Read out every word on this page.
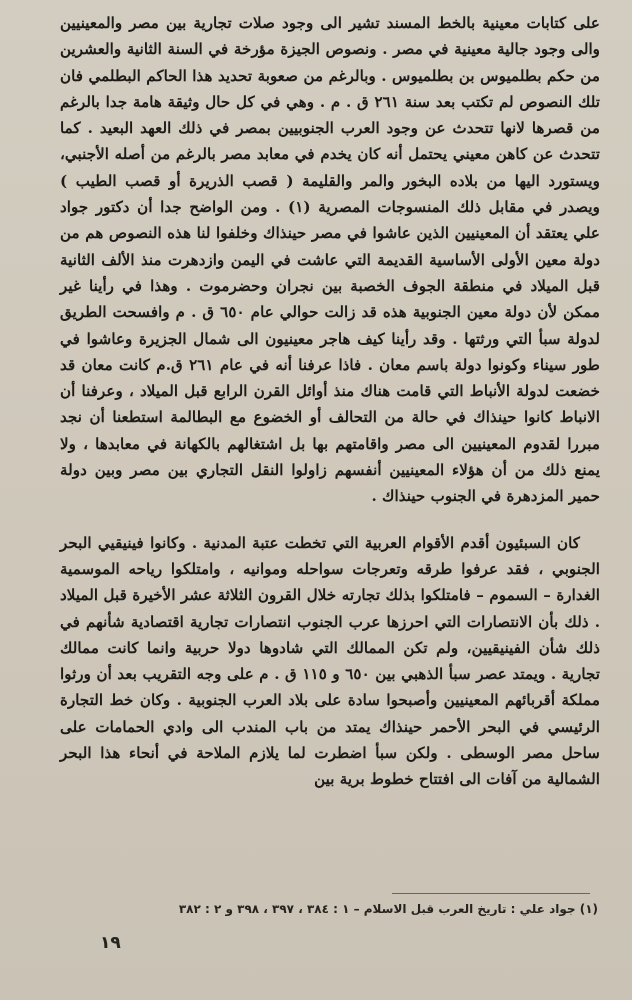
على كتابات معينية بالخط المسند تشير الى وجود صلات تجارية بين مصر والمعينيين والى وجود جالية معينية في مصر . ونصوص الجيزة مؤرخة في السنة الثانية والعشرين من حكم بطلميوس بن بطلميوس . وبالرغم من صعوبة تحديد هذا الحاكم البطلمي فان تلك النصوص لم تكتب بعد سنة ٢٦١ ق . م . وهي في كل حال وثيقة هامة جدا بالرغم من قصرها لانها تتحدث عن وجود العرب الجنوبيين بمصر في ذلك العهد البعيد . كما تتحدث عن كاهن معيني يحتمل أنه كان يخدم في معابد مصر بالرغم من أصله الأجنبي، ويستورد اليها من بلاده البخور والمر والقليمة ( قصب الذريرة أو قصب الطيب ) ويصدر في مقابل ذلك المنسوجات المصرية (١) . ومن الواضح جدا أن دكتور جواد علي يعتقد أن المعينيين الذين عاشوا في مصر حينذاك وخلفوا لنا هذه النصوص هم من دولة معين الأولى الأساسية القديمة التي عاشت في اليمن وازدهرت منذ الألف الثانية قبل الميلاد في منطقة الجوف الخصبة بين نجران وحضرموت . وهذا في رأينا غير ممكن لأن دولة معين الجنوبية هذه قد زالت حوالي عام ٦٥٠ ق . م وافسحت الطريق لدولة سبأ التي ورثتها . وقد رأينا كيف هاجر معينيون الى شمال الجزيرة وعاشوا في طور سيناء وكونوا دولة باسم معان . فاذا عرفنا أنه في عام ٢٦١ ق.م كانت معان قد خضعت لدولة الأنباط التي قامت هناك منذ أوائل القرن الرابع قبل الميلاد ، وعرفنا أن الانباط كانوا حينذاك في حالة من التحالف أو الخضوع مع البطالمة استطعنا أن نجد مبررا لقدوم المعينيين الى مصر واقامتهم بها بل اشتغالهم بالكهانة في معابدها ، ولا يمنع ذلك من أن هؤلاء المعينيين أنفسهم زاولوا النقل التجاري بين مصر وبين دولة حمير المزدهرة في الجنوب حينذاك .

كان السبئيون أقدم الأقوام العربية التي تخطت عتبة المدنية . وكانوا فينيقيي البحر الجنوبي ، فقد عرفوا طرقه وتعرجات سواحله وموانيه ، وامتلكوا رياحه الموسمية الغدارة – السموم – فامتلكوا بذلك تجارته خلال القرون الثلاثة عشر الأخيرة قبل الميلاد . ذلك بأن الانتصارات التي احرزها عرب الجنوب انتصارات تجارية اقتصادية شأنهم في ذلك شأن الفينيقيين، ولم تكن الممالك التي شادوها دولا حربية وانما كانت ممالك تجارية . ويمتد عصر سبأ الذهبي بين ٦٥٠ و ١١٥ ق . م على وجه التقريب بعد أن ورثوا مملكة أقربائهم المعينيين وأصبحوا سادة على بلاد العرب الجنوبية . وكان خط التجارة الرئيسي في البحر الأحمر حينذاك يمتد من باب المندب الى وادي الحمامات على ساحل مصر الوسطى . ولكن سبأ اضطرت لما يلازم الملاحة في أنحاء هذا البحر الشمالية من آفات الى افتتاح خطوط برية بين

(١) جواد علي : تاريخ العرب قبل الاسلام – ١ : ٣٨٤ ، ٣٩٧ ، ٣٩٨ و ٢ : ٣٨٢
١٩
